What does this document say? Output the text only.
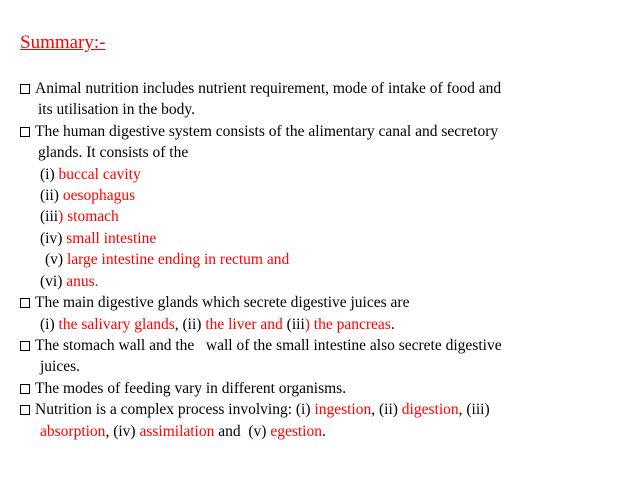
Summary:-
Animal nutrition includes nutrient requirement, mode of intake of food and
its utilisation in the body.
The human digestive system consists of the alimentary canal and secretory
glands. It consists of the
(i) buccal cavity
(ii) oesophagus
(iii) stomach
(iv) small intestine
(v) large intestine ending in rectum and
(vi) anus.
The main digestive glands which secrete digestive juices are
(i) the salivary glands, (ii) the liver and (iii) the pancreas.
The stomach wall and the   wall of the small intestine also secrete digestive
juices.
The modes of feeding vary in different organisms.
Nutrition is a complex process involving: (i) ingestion, (ii) digestion, (iii)
absorption, (iv) assimilation and  (v) egestion.
